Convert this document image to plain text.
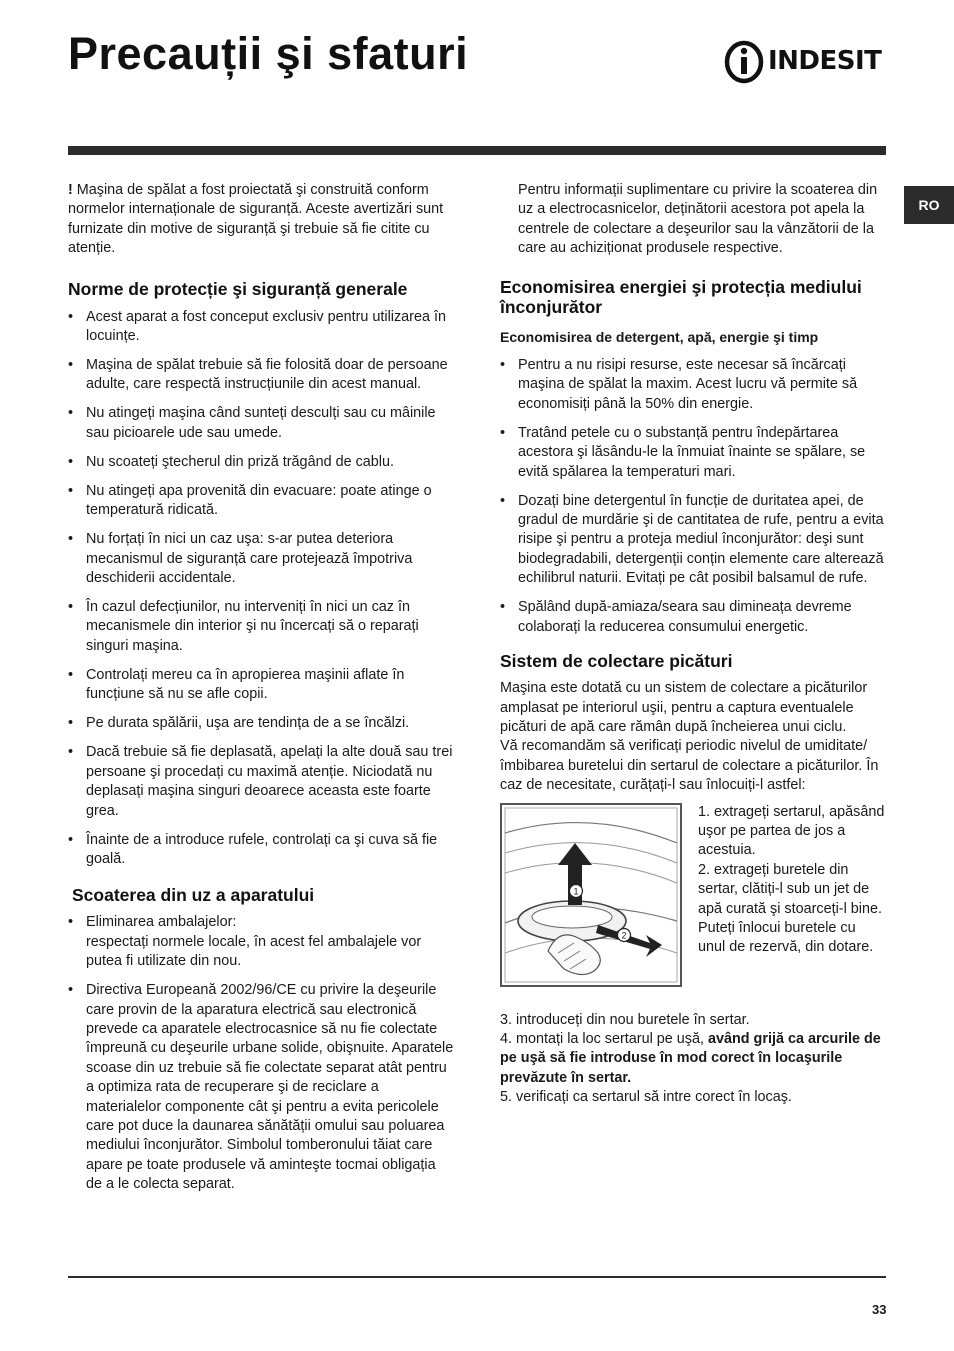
Precauții şi sfaturi	INDESIT
RO

! Maşina de spălat a fost proiectată şi construită conform normelor internaționale de siguranță. Aceste avertizări sunt furnizate din motive de siguranță şi trebuie să fie citite cu atenție.

Norme de protecție şi siguranță generale
• Acest aparat a fost conceput exclusiv pentru utilizarea în locuințe.
• Maşina de spălat trebuie să fie folosită doar de persoane adulte, care respectă instrucțiunile din acest manual.
• Nu atingeți maşina când sunteți desculți sau cu mâinile sau picioarele ude sau umede.
• Nu scoateți ştecherul din priză trăgând de cablu.
• Nu atingeți apa provenită din evacuare: poate atinge o temperatură ridicată.
• Nu forțați în nici un caz uşa: s-ar putea deteriora mecanismul de siguranță care protejează împotriva deschiderii accidentale.
• În cazul defecțiunilor, nu interveniți în nici un caz în mecanismele din interior şi nu încercați să o reparați singuri maşina.
• Controlați mereu ca în apropierea maşinii aflate în funcțiune să nu se afle copii.
• Pe durata spălării, uşa are tendința de a se încălzi.
• Dacă trebuie să fie deplasată, apelați la alte două sau trei persoane şi procedați cu maximă atenție. Niciodată nu deplasați maşina singuri deoarece aceasta este foarte grea.
• Înainte de a introduce rufele, controlați ca şi cuva să fie goală.
Scoaterea din uz a aparatului
• Eliminarea ambalajelor:
respectați normele locale, în acest fel ambalajele vor putea fi utilizate din nou.
• Directiva Europeană 2002/96/CE cu privire la deşeurile care provin de la aparatura electrică sau electronică prevede ca aparatele electrocasnice să nu fie colectate împreună cu deşeurile urbane solide, obişnuite. Aparatele scoase din uz trebuie să fie colectate separat atât pentru a optimiza rata de recuperare şi de reciclare a materialelor componente cât şi pentru a evita pericolele care pot duce la daunarea sănătății omului sau poluarea mediului înconjurător. Simbolul tomberonului tăiat care apare pe toate produsele vă aminteşte tocmai obligația de a le colecta separat.

Pentru informații suplimentare cu privire la scoaterea din uz a electrocasnicelor, deținătorii acestora pot apela la centrele de colectare a deşeurilor sau la vânzătorii de la care au achiziționat produsele respective.

Economisirea energiei şi protecția mediului înconjurător
Economisirea de detergent, apă, energie şi timp
• Pentru a nu risipi resurse, este necesar să încărcați maşina de spălat la maxim. Acest lucru vă permite să economisiți până la 50% din energie.
• Tratând petele cu o substanță pentru îndepărtarea acestora şi lăsându-le la înmuiat înainte se spălare, se evită spălarea la temperaturi mari.
• Dozați bine detergentul în funcție de duritatea apei, de gradul de murdărie şi de cantitatea de rufe, pentru a evita risipe şi pentru a proteja mediul înconjurător: deşi sunt biodegradabili, detergenții conțin elemente care alterează echilibrul naturii. Evitați pe cât posibil balsamul de rufe.
• Spălând după-amiaza/seara sau dimineața devreme colaborați la reducerea consumului energetic.
Sistem de colectare picături

Maşina este dotată cu un sistem de colectare a picăturilor amplasat pe interiorul uşii, pentru a captura eventualele picături de apă care rămân după încheierea unui ciclu.

Vă recomandăm să verificați periodic nivelul de umiditate/îmbibarea buretelui din sertarul de colectare a picăturilor. În caz de necesitate, curățați-l sau înlocuiți-l astfel:

1
2

1. extrageți sertarul, apăsând uşor pe partea de jos a acestuia.

2. extrageți buretele din sertar, clătiți-l sub un jet de apă curată şi stoarceți-l bine. Puteți înlocui buretele cu unul de rezervă, din dotare.

3. introduceți din nou buretele în sertar.

4. montați la loc sertarul pe uşă, având grijă ca arcurile de pe uşă să fie introduse în mod corect în locaşurile prevăzute în sertar.

5. verificați ca sertarul să intre corect în locaş.

33
